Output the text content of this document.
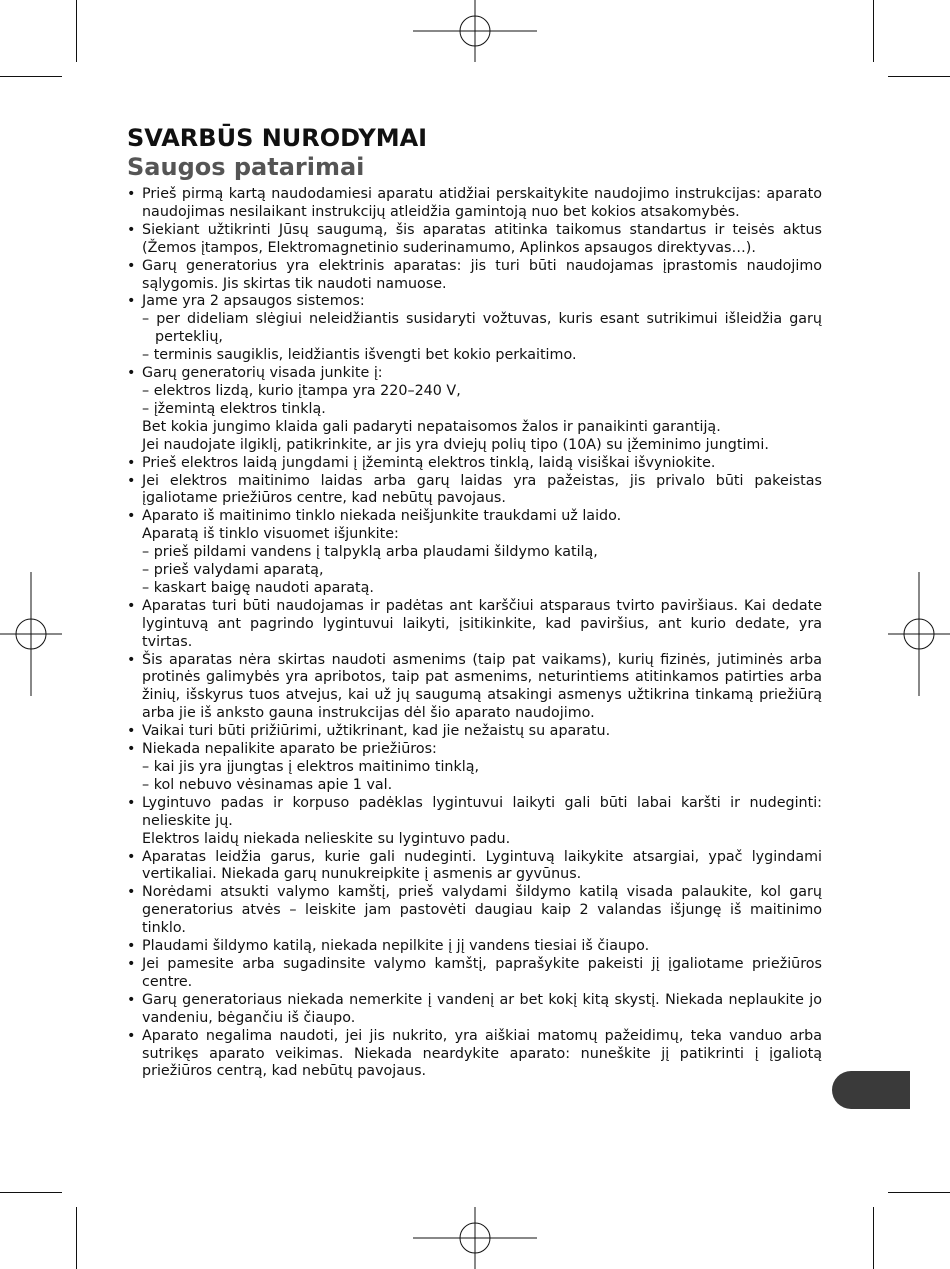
SVARBŪS NURODYMAI
Saugos patarimai
• Prieš pirmą kartą naudodamiesi aparatu atidžiai perskaitykite naudojimo instrukcijas: aparato naudojimas nesilaikant instrukcijų atleidžia gamintoją nuo bet kokios atsakomybės.
• Siekiant užtikrinti Jūsų saugumą, šis aparatas atitinka taikomus standartus ir teisės aktus (Žemos įtampos, Elektromagnetinio suderinamumo, Aplinkos apsaugos direktyvas…).
• Garų generatorius yra elektrinis aparatas: jis turi būti naudojamas įprastomis naudojimo sąlygomis. Jis skirtas tik naudoti namuose.
• Jame yra 2 apsaugos sistemos:
– per dideliam slėgiui neleidžiantis susidaryti vožtuvas, kuris esant sutrikimui išleidžia garų perteklių,
– terminis saugiklis, leidžiantis išvengti bet kokio perkaitimo.
• Garų generatorių visada junkite į:
– elektros lizdą, kurio įtampa yra 220–240 V,
– įžemintą elektros tinklą.
Bet kokia jungimo klaida gali padaryti nepataisomos žalos ir panaikinti garantiją.
Jei naudojate ilgiklį, patikrinkite, ar jis yra dviejų polių tipo (10A) su įžeminimo jungtimi.
• Prieš elektros laidą jungdami į įžemintą elektros tinklą, laidą visiškai išvyniokite.
• Jei elektros maitinimo laidas arba garų laidas yra pažeistas, jis privalo būti pakeistas įgaliotame priežiūros centre, kad nebūtų pavojaus.
• Aparato iš maitinimo tinklo niekada neišjunkite traukdami už laido.
Aparatą iš tinklo visuomet išjunkite:
– prieš pildami vandens į talpyklą arba plaudami šildymo katilą,
– prieš valydami aparatą,
– kaskart baigę naudoti aparatą.
• Aparatas turi būti naudojamas ir padėtas ant karščiui atsparaus tvirto paviršiaus. Kai dedate lygintuvą ant pagrindo lygintuvui laikyti, įsitikinkite, kad paviršius, ant kurio dedate, yra tvirtas.
• Šis aparatas nėra skirtas naudoti asmenims (taip pat vaikams), kurių fizinės, jutiminės arba protinės galimybės yra apribotos, taip pat asmenims, neturintiems atitinkamos patirties arba žinių, išskyrus tuos atvejus, kai už jų saugumą atsakingi asmenys užtikrina tinkamą priežiūrą arba jie iš anksto gauna instrukcijas dėl šio aparato naudojimo.
• Vaikai turi būti prižiūrimi, užtikrinant, kad jie nežaistų su aparatu.
• Niekada nepalikite aparato be priežiūros:
– kai jis yra įjungtas į elektros maitinimo tinklą,
– kol nebuvo vėsinamas apie 1 val.
• Lygintuvo padas ir korpuso padėklas lygintuvui laikyti gali būti labai karšti ir nudeginti: nelieskite jų.
Elektros laidų niekada nelieskite su lygintuvo padu.
• Aparatas leidžia garus, kurie gali nudeginti. Lygintuvą laikykite atsargiai, ypač lygindami vertikaliai. Niekada garų nunukreipkite į asmenis ar gyvūnus.
• Norėdami atsukti valymo kamštį, prieš valydami šildymo katilą visada palaukite, kol garų generatorius atvės – leiskite jam pastovėti daugiau kaip 2 valandas išjungę iš maitinimo tinklo.
• Plaudami šildymo katilą, niekada nepilkite į jį vandens tiesiai iš čiaupo.
• Jei pamesite arba sugadinsite valymo kamštį, paprašykite pakeisti jį įgaliotame priežiūros centre.
• Garų generatoriaus niekada nemerkite į vandenį ar bet kokį kitą skystį. Niekada neplaukite jo vandeniu, bėgančiu iš čiaupo.
• Aparato negalima naudoti, jei jis nukrito, yra aiškiai matomų pažeidimų, teka vanduo arba sutrikęs aparato veikimas. Niekada neardykite aparato: nuneškite jį patikrinti į įgaliotą priežiūros centrą, kad nebūtų pavojaus.
